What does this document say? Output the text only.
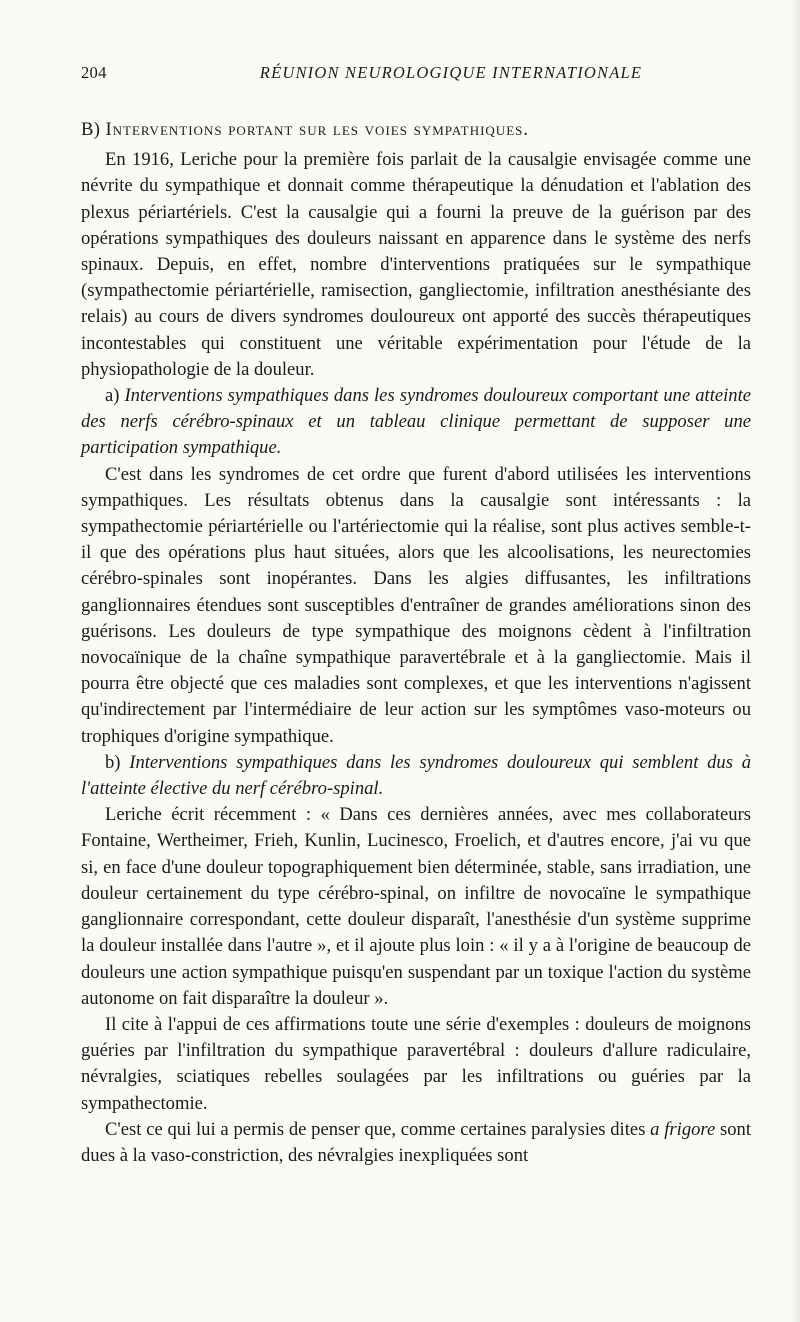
204	RÉUNION NEUROLOGIQUE INTERNATIONALE

B) Interventions portant sur les voies sympathiques.

En 1916, Leriche pour la première fois parlait de la causalgie envisagée comme une névrite du sympathique et donnait comme thérapeutique la dénudation et l'ablation des plexus périartériels. C'est la causalgie qui a fourni la preuve de la guérison par des opérations sympathiques des douleurs naissant en apparence dans le système des nerfs spinaux. Depuis, en effet, nombre d'interventions pratiquées sur le sympathique (sympathectomie périartérielle, ramisection, gangliectomie, infiltration anesthésiante des relais) au cours de divers syndromes douloureux ont apporté des succès thérapeutiques incontestables qui constituent une véritable expérimentation pour l'étude de la physiopathologie de la douleur.

a) Interventions sympathiques dans les syndromes douloureux comportant une atteinte des nerfs cérébro-spinaux et un tableau clinique permettant de supposer une participation sympathique.

C'est dans les syndromes de cet ordre que furent d'abord utilisées les interventions sympathiques. Les résultats obtenus dans la causalgie sont intéressants : la sympathectomie périartérielle ou l'artériectomie qui la réalise, sont plus actives semble-t-il que des opérations plus haut situées, alors que les alcoolisations, les neurectomies cérébro-spinales sont inopérantes. Dans les algies diffusantes, les infiltrations ganglionnaires étendues sont susceptibles d'entraîner de grandes améliorations sinon des guérisons. Les douleurs de type sympathique des moignons cèdent à l'infiltration novocaïnique de la chaîne sympathique paravertébrale et à la gangliectomie. Mais il pourra être objecté que ces maladies sont complexes, et que les interventions n'agissent qu'indirectement par l'intermédiaire de leur action sur les symptômes vaso-moteurs ou trophiques d'origine sympathique.

b) Interventions sympathiques dans les syndromes douloureux qui semblent dus à l'atteinte élective du nerf cérébro-spinal.

Leriche écrit récemment : « Dans ces dernières années, avec mes collaborateurs Fontaine, Wertheimer, Frieh, Kunlin, Lucinesco, Froelich, et d'autres encore, j'ai vu que si, en face d'une douleur topographiquement bien déterminée, stable, sans irradiation, une douleur certainement du type cérébro-spinal, on infiltre de novocaïne le sympathique ganglionnaire correspondant, cette douleur disparaît, l'anesthésie d'un système supprime la douleur installée dans l'autre », et il ajoute plus loin : « il y a à l'origine de beaucoup de douleurs une action sympathique puisqu'en suspendant par un toxique l'action du système autonome on fait disparaître la douleur ».

Il cite à l'appui de ces affirmations toute une série d'exemples : douleurs de moignons guéries par l'infiltration du sympathique paravertébral : douleurs d'allure radiculaire, névralgies, sciatiques rebelles soulagées par les infiltrations ou guéries par la sympathectomie.

C'est ce qui lui a permis de penser que, comme certaines paralysies dites a frigore sont dues à la vaso-constriction, des névralgies inexpliquées sont
